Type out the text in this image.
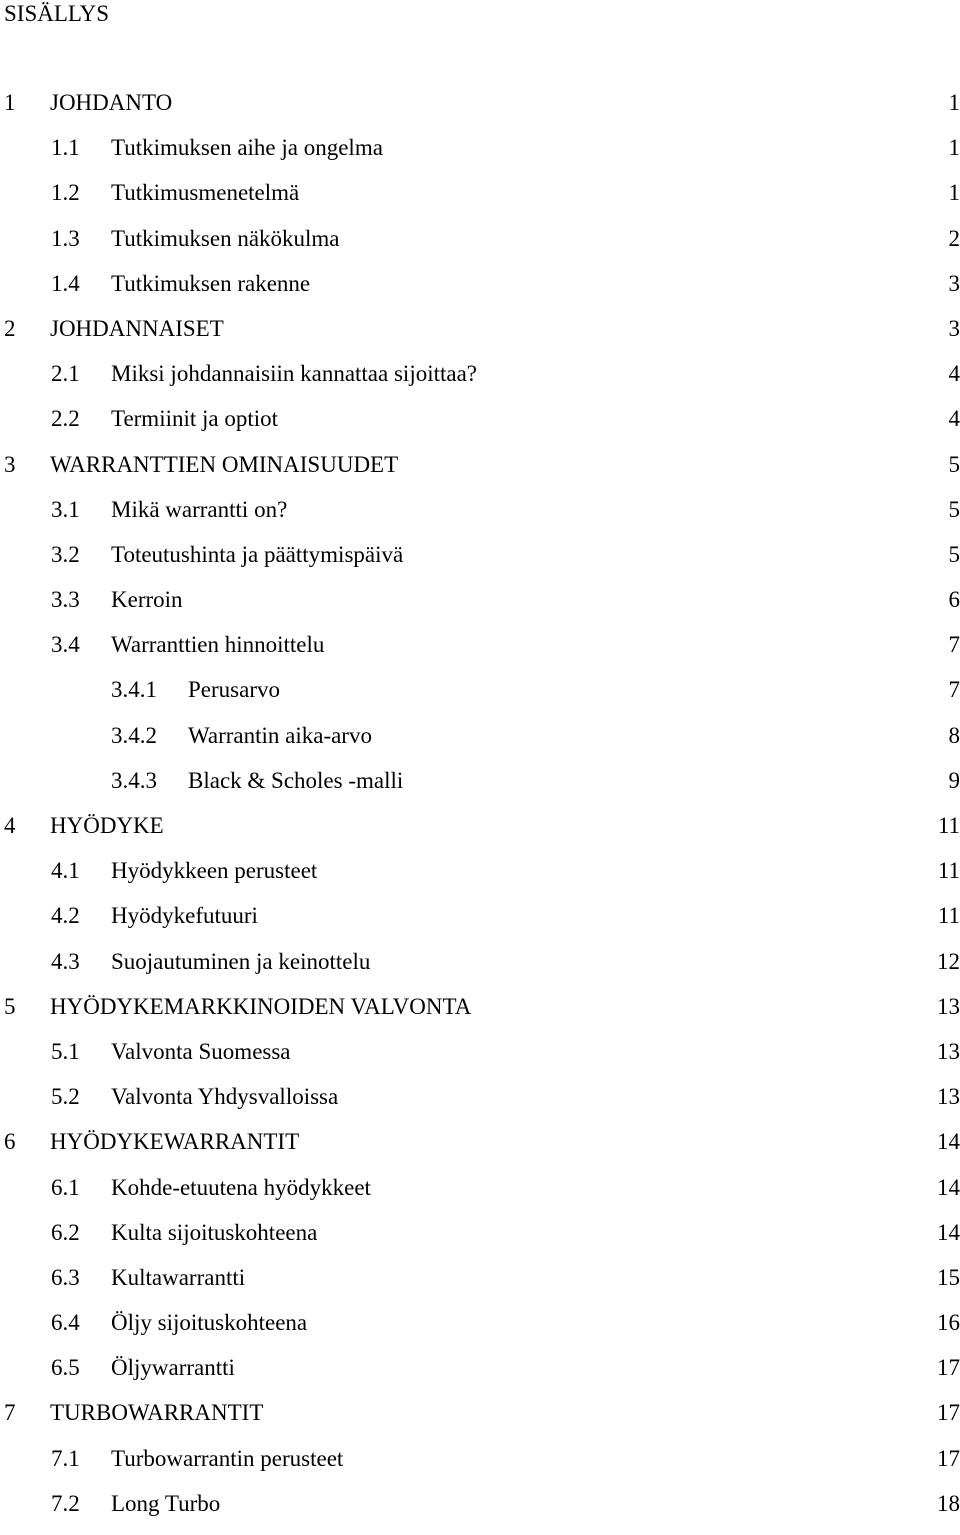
SISÄLLYS
1 JOHDANTO	1
1.1 Tutkimuksen aihe ja ongelma	1
1.2 Tutkimusmenetelmä	1
1.3 Tutkimuksen näkökulma	2
1.4 Tutkimuksen rakenne	3
2 JOHDANNAISET	3
2.1 Miksi johdannaisiin kannattaa sijoittaa?	4
2.2 Termiinit ja optiot	4
3 WARRANTTIEN OMINAISUUDET	5
3.1 Mikä warrantti on?	5
3.2 Toteutushinta ja päättymispäivä	5
3.3 Kerroin	6
3.4 Warranttien hinnoittelu	7
3.4.1 Perusarvo	7
3.4.2 Warrantin aika-arvo	8
3.4.3 Black & Scholes -malli	9
4 HYÖDYKE	11
4.1 Hyödykkeen perusteet	11
4.2 Hyödykefutuuri	11
4.3 Suojautuminen ja keinottelu	12
5 HYÖDYKEMARKKINOIDEN VALVONTA	13
5.1 Valvonta Suomessa	13
5.2 Valvonta Yhdysvalloissa	13
6 HYÖDYKEWARRANTIT	14
6.1 Kohde-etuutena hyödykkeet	14
6.2 Kulta sijoituskohteena	14
6.3 Kultawarrantti	15
6.4 Öljy sijoituskohteena	16
6.5 Öljywarrantti	17
7 TURBOWARRANTIT	17
7.1 Turbowarrantin perusteet	17
7.2 Long Turbo	18
